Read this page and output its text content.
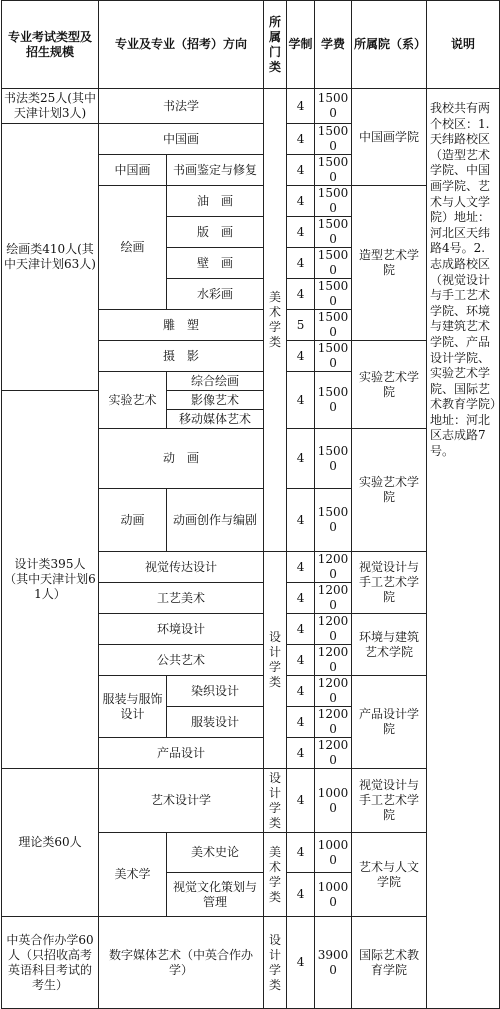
专业考试类型及招生规模	专业及专业（招考）方向		所属门类	学制	学费	所属院（系）	说明
书法类25人(其中天津计划3人)	书法学		美术学类	4	15000	中国画学院	我校共有两个校区：1.天纬路校区（造型艺术学院、中国画学院、艺术与人文学院）地址：河北区天纬路4号。2.志成路校区（视觉设计与手工艺术学院、环境与建筑艺术学院、产品设计学院、实验艺术学院、国际艺术教育学院）地址：河北区志成路7号。
绘画类410人(其中天津计划63人)	中国画			4	15000		
	中国画	书画鉴定与修复		4	15000		
	绘画	油　画		4	15000	造型艺术学院	
		版　画		4	15000		
		壁　画		4	15000		
		水彩画		4	15000		
	雕　塑			5	15000		
	摄　影			4	15000	实验艺术学院	
	实验艺术	综合绘画		4	15000		
设计类395人（其中天津计划61人）		影像艺术					
		移动媒体艺术					
	动　画			4	15000	实验艺术学院	
	动画	动画创作与编剧		4	15000		
	视觉传达设计		设计学类	4	12000	视觉设计与手工艺术学院	
	工艺美术			4	12000		
	环境设计			4	12000	环境与建筑艺术学院	
	公共艺术			4	12000		
	服装与服饰设计	染织设计		4	12000	产品设计学院	
		服装设计		4	12000		
	产品设计			4	12000		
理论类60人	艺术设计学		设计学类	4	10000	视觉设计与手工艺术学院	
	美术学	美术史论	美术学类	4	10000	艺术与人文学院	
		视觉文化策划与管理		4	10000		
中英合作办学60人（只招收高考英语科目考试的考生）	数字媒体艺术（中英合作办学）		设计学类	4	39000	国际艺术教育学院	
